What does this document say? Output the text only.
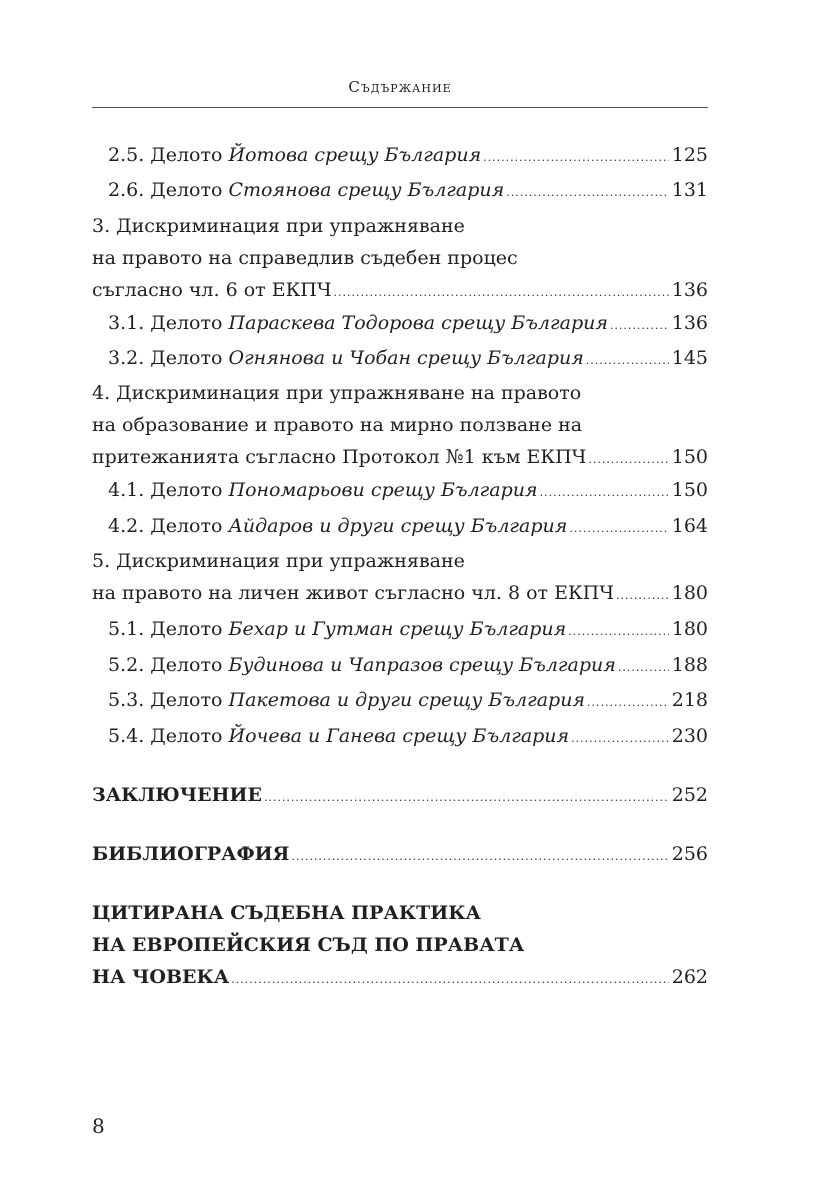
Съдържание
2.5. Делото Йотова срещу България .....	125
2.6. Делото Стоянова срещу България .....	131
3. Дискриминация при упражняване
на правото на справедлив съдебен процес
съгласно чл. 6 от ЕКПЧ .....	136
3.1. Делото Параскева Тодорова срещу България .....	136
3.2. Делото Огнянова и Чобан срещу България .....	145
4. Дискриминация при упражняване на правото
на образование и правото на мирно ползване на
притежанията съгласно Протокол №1 към ЕКПЧ .....	150
4.1. Делото Пономарьови срещу България .....	150
4.2. Делото Айдаров и други срещу България .....	164
5. Дискриминация при упражняване
на правото на личен живот съгласно чл. 8 от ЕКПЧ .....	180
5.1. Делото Бехар и Гутман срещу България .....	180
5.2. Делото Будинова и Чапразов срещу България .....	188
5.3. Делото Пакетова и други срещу България .....	218
5.4. Делото Йочева и Ганева срещу България .....	230
ЗАКЛЮЧЕНИЕ .....	252
БИБЛИОГРАФИЯ .....	256
ЦИТИРАНА СЪДЕБНА ПРАКТИКА
НА ЕВРОПЕЙСКИЯ СЪД ПО ПРАВАТА
НА ЧОВЕКА .....	262
8
